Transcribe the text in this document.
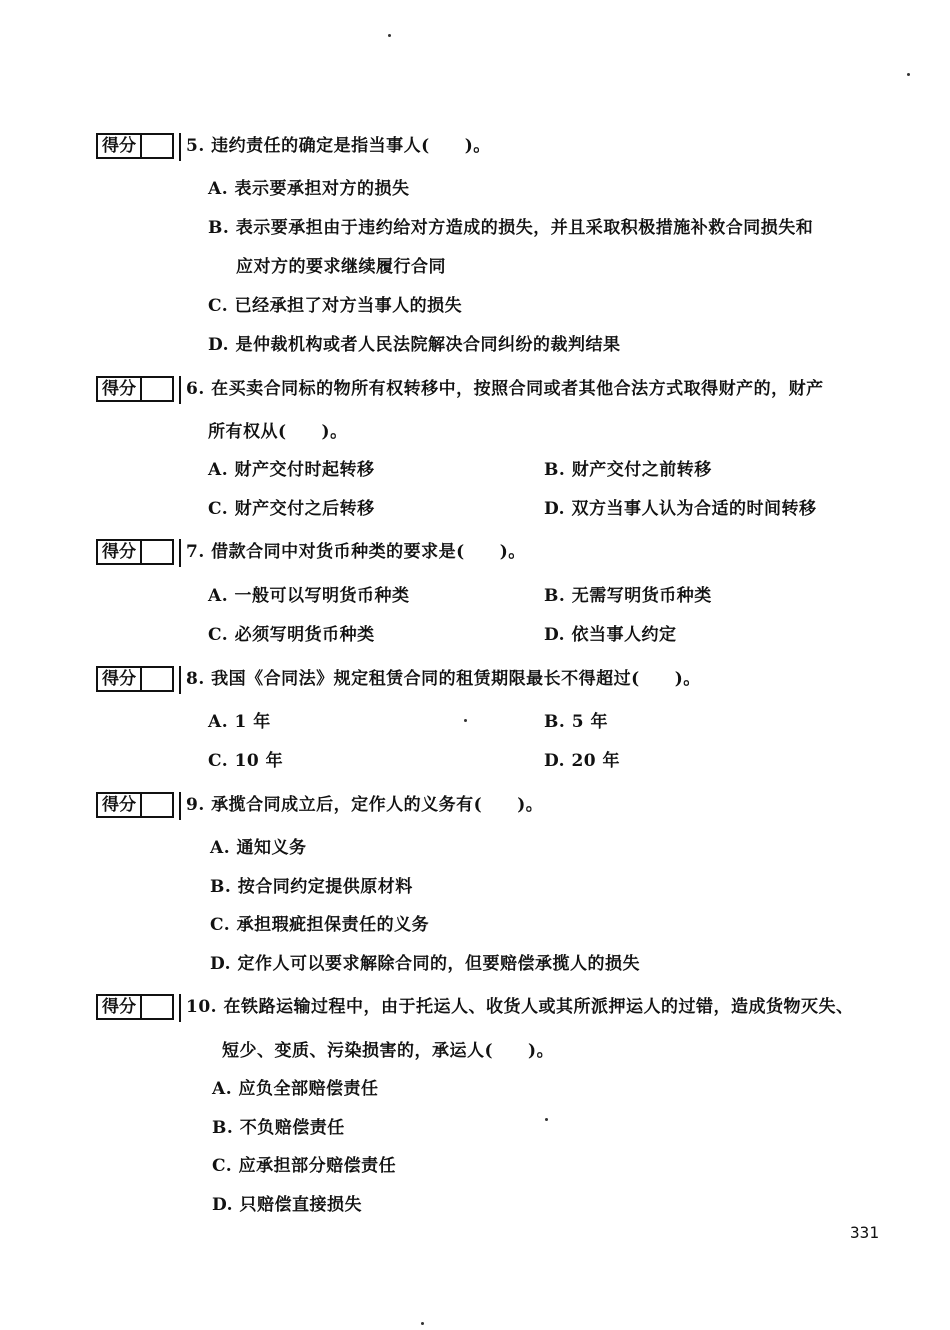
得分	5. 违约责任的确定是指当事人(　　)。
A. 表示要承担对方的损失
B. 表示要承担由于违约给对方造成的损失，并且采取积极措施补救合同损失和
应对方的要求继续履行合同
C. 已经承担了对方当事人的损失
D. 是仲裁机构或者人民法院解决合同纠纷的裁判结果
得分	6. 在买卖合同标的物所有权转移中，按照合同或者其他合法方式取得财产的，财产
所有权从(　　)。
A. 财产交付时起转移	B. 财产交付之前转移
C. 财产交付之后转移	D. 双方当事人认为合适的时间转移
得分	7. 借款合同中对货币种类的要求是(　　)。
A. 一般可以写明货币种类	B. 无需写明货币种类
C. 必须写明货币种类	D. 依当事人约定
得分	8. 我国《合同法》规定租赁合同的租赁期限最长不得超过(　　)。
A. 1 年	B. 5 年
C. 10 年	D. 20 年
得分	9. 承揽合同成立后，定作人的义务有(　　)。
A. 通知义务
B. 按合同约定提供原材料
C. 承担瑕疵担保责任的义务
D. 定作人可以要求解除合同的，但要赔偿承揽人的损失
得分	10. 在铁路运输过程中，由于托运人、收货人或其所派押运人的过错，造成货物灭失、
短少、变质、污染损害的，承运人(　　)。
A. 应负全部赔偿责任
B. 不负赔偿责任
C. 应承担部分赔偿责任
D. 只赔偿直接损失
331
